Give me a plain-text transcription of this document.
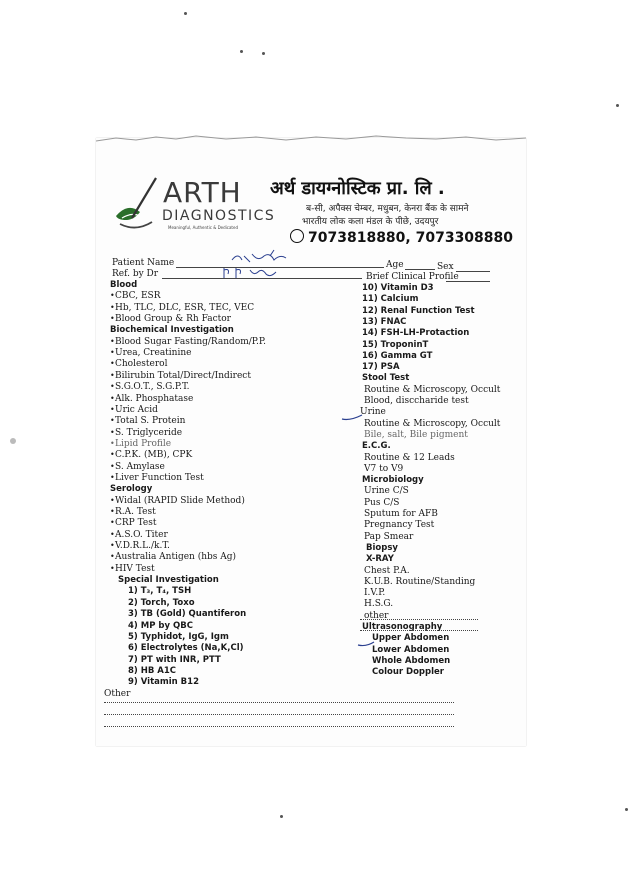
ARTH
DIAGNOSTICS
Meaningful, Authentic & Dedicated
अर्थ डायग्नोस्टिक प्रा. लि .
ब-सी, अपैक्स चेम्बर, मधुबन, केनरा बैंक के सामने
भारतीय लोक कला मंडल के पीछे, उदयपुर
7073818880, 7073308880
Patient Name	Age	Sex
Ref. by Dr	Brief Clinical Profile
Blood
• CBC, ESR
• Hb, TLC, DLC, ESR, TEC, VEC
• Blood Group & Rh Factor
Biochemical Investigation
• Blood Sugar Fasting/Random/P.P.
• Urea, Creatinine
• Cholesterol
• Bilirubin Total/Direct/Indirect
• S.G.O.T., S.G.P.T.
• Alk. Phosphatase
• Uric Acid
• Total S. Protein
• S. Triglyceride
• Lipid Profile
• C.P.K. (MB), CPK
• S. Amylase
• Liver Function Test
Serology
• Widal (RAPID Slide Method)
• R.A. Test
• CRP Test
• A.S.O. Titer
• V.D.R.L./k.T.
• Australia Antigen (hbs Ag)
• HIV Test
Special Investigation
1) T₃, T₄, TSH
2) Torch, Toxo
3) TB (Gold) Quantiferon
4) MP by QBC
5) Typhidot, IgG, Igm
6) Electrolytes (Na,K,Cl)
7) PT with INR, PTT
8) HB A1C
9) Vitamin B12
Other
10) Vitamin D3
11) Calcium
12) Renal Function Test
13) FNAC
14) FSH-LH-Protaction
15) TroponinT
16) Gamma GT
17) PSA
Stool Test
Routine & Microscopy, Occult
Blood, disccharide test
Urine
Routine & Microscopy, Occult
Bile, salt, Bile pigment
E.C.G.
Routine & 12 Leads
V7 to V9
Microbiology
Urine C/S
Pus C/S
Sputum for AFB
Pregnancy Test
Pap Smear
Biopsy
X-RAY
Chest P.A.
K.U.B. Routine/Standing
I.V.P.
H.S.G.
other
Ultrasonography
Upper Abdomen
Lower Abdomen
Whole Abdomen
Colour Doppler
